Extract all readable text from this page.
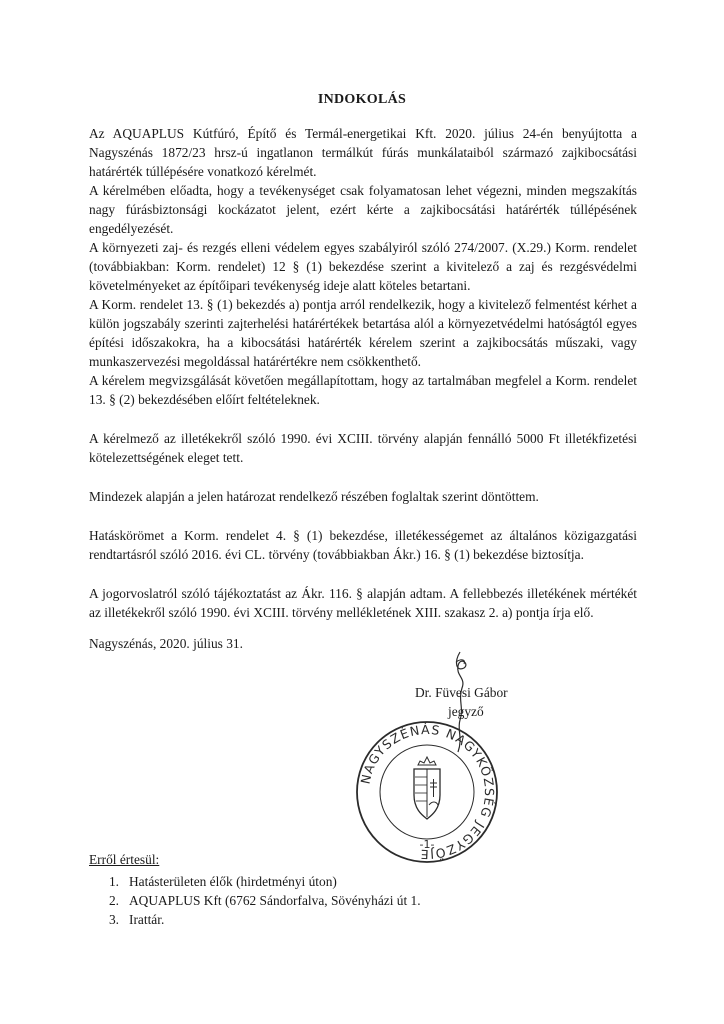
INDOKOLÁS

Az AQUAPLUS Kútfúró, Építő és Termál-energetikai Kft. 2020. július 24-én benyújtotta a Nagyszénás 1872/23 hrsz-ú ingatlanon termálkút fúrás munkálataiból származó zajkibocsátási határérték túllépésére vonatkozó kérelmét.

A kérelmében előadta, hogy a tevékenységet csak folyamatosan lehet végezni, minden megszakítás nagy fúrásbiztonsági kockázatot jelent, ezért kérte a zajkibocsátási határérték túllépésének engedélyezését.

A környezeti zaj- és rezgés elleni védelem egyes szabályiról szóló 274/2007. (X.29.) Korm. rendelet (továbbiakban: Korm. rendelet) 12 § (1) bekezdése szerint a kivitelező a zaj és rezgésvédelmi követelményeket az építőipari tevékenység ideje alatt köteles betartani.

A Korm. rendelet 13. § (1) bekezdés a) pontja arról rendelkezik, hogy a kivitelező felmentést kérhet a külön jogszabály szerinti zajterhelési határértékek betartása alól a környezetvédelmi hatóságtól egyes építési időszakokra, ha a kibocsátási határérték kérelem szerint a zajkibocsátás műszaki, vagy munkaszervezési megoldással határértékre nem csökkenthető.

A kérelem megvizsgálását követően megállapítottam, hogy az tartalmában megfelel a Korm. rendelet 13. § (2) bekezdésében előírt feltételeknek.

A kérelmező az illetékekről szóló 1990. évi XCIII. törvény alapján fennálló 5000 Ft illetékfizetési kötelezettségének eleget tett.

Mindezek alapján a jelen határozat rendelkező részében foglaltak szerint döntöttem.

Hatáskörömet a Korm. rendelet 4. § (1) bekezdése, illetékességemet az általános közigazgatási rendtartásról szóló 2016. évi CL. törvény (továbbiakban Ákr.) 16. § (1) bekezdése biztosítja.

A jogorvoslatról szóló tájékoztatást az Ákr. 116. § alapján adtam. A fellebbezés illetékének mértékét az illetékekről szóló 1990. évi XCIII. törvény mellékletének XIII. szakasz 2. a) pontja írja elő.

Nagyszénás, 2020. július 31.
Dr. Füvesi Gábor
jegyző
NAGYSZÉNÁS NAGYKÖZSÉG JEGYZŐJE
-1-
Erről értesül:
1. Hatásterületen élők (hirdetményi úton)
2. AQUAPLUS Kft (6762 Sándorfalva, Sövényházi út 1.
3. Irattár.
